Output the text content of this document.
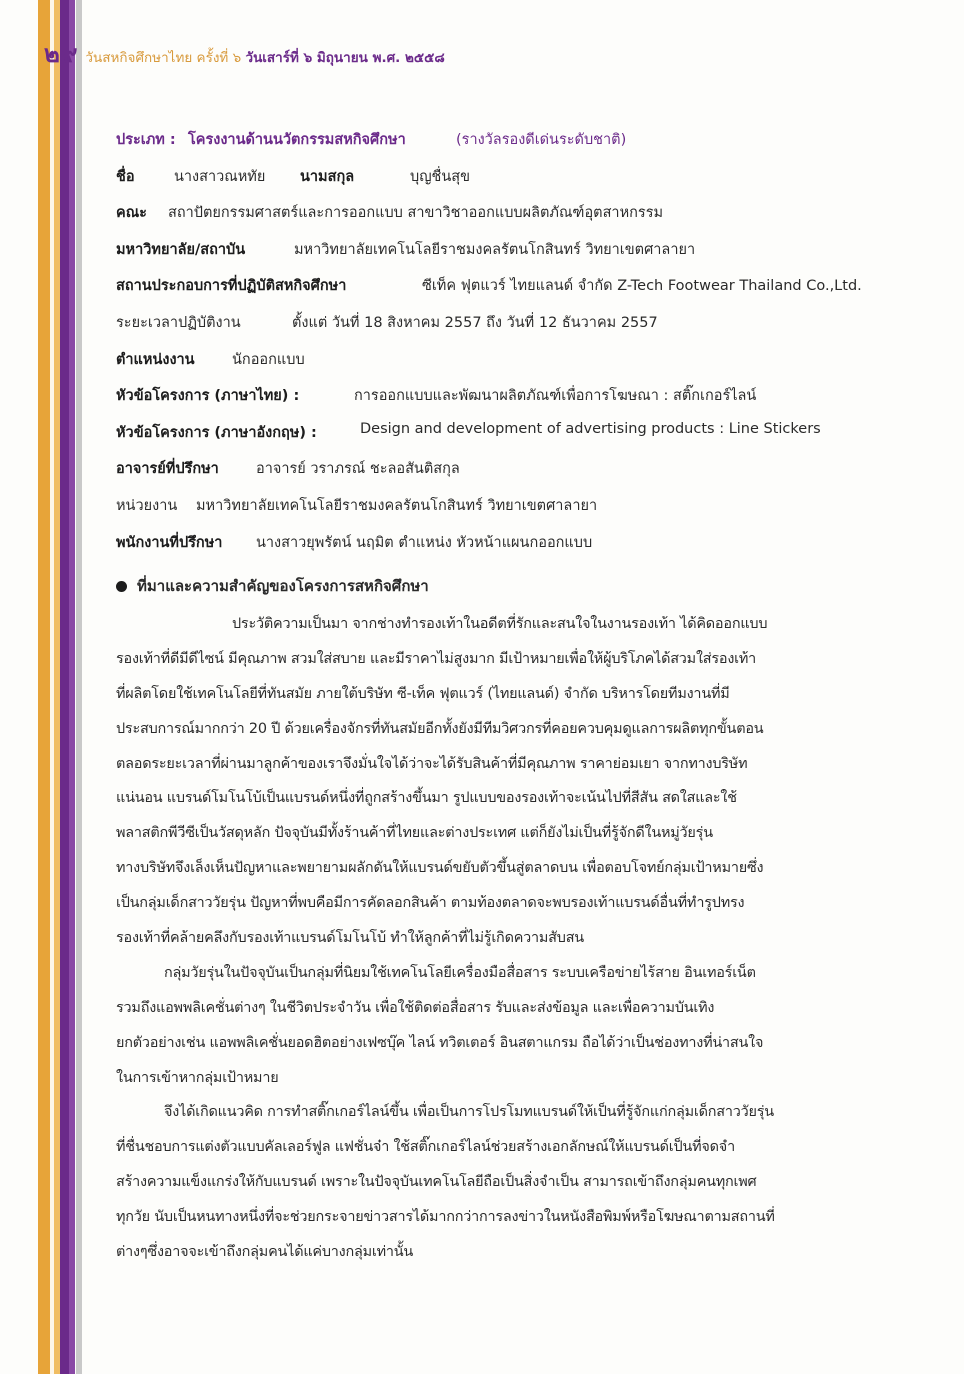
๒๙ วันสหกิจศึกษาไทย ครั้งที่ ๖ วันเสาร์ที่ ๖ มิถุนายน พ.ศ. ๒๕๕๘
ประเภท : โครงงานด้านนวัตกรรมสหกิจศึกษา	(รางวัลรองดีเด่นระดับชาติ)
ชื่อ	นางสาวณหทัย นามสกุล	บุญชื่นสุข
คณะ สถาปัตยกรรมศาสตร์และการออกแบบ สาขาวิชาออกแบบผลิตภัณฑ์อุตสาหกรรม
มหาวิทยาลัย/สถาบัน	มหาวิทยาลัยเทคโนโลยีราชมงคลรัตนโกสินทร์ วิทยาเขตศาลายา
สถานประกอบการที่ปฏิบัติสหกิจศึกษา	ซีเท็ค ฟุตแวร์ ไทยแลนด์ จำกัด Z-Tech Footwear Thailand Co.,Ltd.
ระยะเวลาปฏิบัติงาน	ตั้งแต่ วันที่ 18 สิงหาคม 2557 ถึง วันที่ 12 ธันวาคม 2557
ตำแหน่งงาน	นักออกแบบ
หัวข้อโครงการ (ภาษาไทย) :	การออกแบบและพัฒนาผลิตภัณฑ์เพื่อการโฆษณา : สติ๊กเกอร์ไลน์
หัวข้อโครงการ (ภาษาอังกฤษ) :	Design and development of advertising products : Line Stickers
อาจารย์ที่ปรึกษา	อาจารย์ วราภรณ์ ชะลอสันติสกุล
หน่วยงาน มหาวิทยาลัยเทคโนโลยีราชมงคลรัตนโกสินทร์ วิทยาเขตศาลายา
พนักงานที่ปรึกษา นางสาวยุพรัตน์ นฤมิต ตำแหน่ง หัวหน้าแผนกออกแบบ
ที่มาและความสำคัญของโครงการสหกิจศึกษา
ประวัติความเป็นมา จากช่างทำรองเท้าในอดีตที่รักและสนใจในงานรองเท้า ได้คิดออกแบบ
รองเท้าที่ดีมีดีไซน์ มีคุณภาพ สวมใส่สบาย และมีราคาไม่สูงมาก มีเป้าหมายเพื่อให้ผู้บริโภคได้สวมใส่รองเท้า
ที่ผลิตโดยใช้เทคโนโลยีที่ทันสมัย ภายใต้บริษัท ซี-เท็ค ฟุตแวร์ (ไทยแลนด์) จำกัด บริหารโดยทีมงานที่มี
ประสบการณ์มากกว่า 20 ปี ด้วยเครื่องจักรที่ทันสมัยอีกทั้งยังมีทีมวิศวกรที่คอยควบคุมดูแลการผลิตทุกขั้นตอน
ตลอดระยะเวลาที่ผ่านมาลูกค้าของเราจึงมั่นใจได้ว่าจะได้รับสินค้าที่มีคุณภาพ ราคาย่อมเยา จากทางบริษัท
แน่นอน แบรนด์โมโนโบ้เป็นแบรนด์หนึ่งที่ถูกสร้างขึ้นมา รูปแบบของรองเท้าจะเน้นไปที่สีสัน สดใสและใช้
พลาสติกพีวีซีเป็นวัสดุหลัก ปัจจุบันมีทั้งร้านค้าที่ไทยและต่างประเทศ แต่ก็ยังไม่เป็นที่รู้จักดีในหมู่วัยรุ่น
ทางบริษัทจึงเล็งเห็นปัญหาและพยายามผลักดันให้แบรนด์ขยับตัวขึ้นสู่ตลาดบน เพื่อตอบโจทย์กลุ่มเป้าหมายซึ่ง
เป็นกลุ่มเด็กสาววัยรุ่น ปัญหาที่พบคือมีการคัดลอกสินค้า ตามท้องตลาดจะพบรองเท้าแบรนด์อื่นที่ทำรูปทรง
รองเท้าที่คล้ายคลึงกับรองเท้าแบรนด์โมโนโบ้ ทำให้ลูกค้าที่ไม่รู้เกิดความสับสน
กลุ่มวัยรุ่นในปัจจุบันเป็นกลุ่มที่นิยมใช้เทคโนโลยีเครื่องมือสื่อสาร ระบบเครือข่ายไร้สาย อินเทอร์เน็ต
รวมถึงแอพพลิเคชั่นต่างๆ ในชีวิตประจำวัน เพื่อใช้ติดต่อสื่อสาร รับและส่งข้อมูล และเพื่อความบันเทิง
ยกตัวอย่างเช่น แอพพลิเคชั่นยอดฮิตอย่างเฟซบุ๊ค ไลน์ ทวิตเตอร์ อินสตาแกรม ถือได้ว่าเป็นช่องทางที่น่าสนใจ
ในการเข้าหากลุ่มเป้าหมาย
จึงได้เกิดแนวคิด การทำสติ๊กเกอร์ไลน์ขึ้น เพื่อเป็นการโปรโมทแบรนด์ให้เป็นที่รู้จักแก่กลุ่มเด็กสาววัยรุ่น
ที่ชื่นชอบการแต่งตัวแบบคัลเลอร์ฟูล แฟชั่นจ๋า ใช้สติ๊กเกอร์ไลน์ช่วยสร้างเอกลักษณ์ให้แบรนด์เป็นที่จดจำ
สร้างความแข็งแกร่งให้กับแบรนด์ เพราะในปัจจุบันเทคโนโลยีถือเป็นสิ่งจำเป็น สามารถเข้าถึงกลุ่มคนทุกเพศ
ทุกวัย นับเป็นหนทางหนึ่งที่จะช่วยกระจายข่าวสารได้มากกว่าการลงข่าวในหนังสือพิมพ์หรือโฆษณาตามสถานที่
ต่างๆซึ่งอาจจะเข้าถึงกลุ่มคนได้แค่บางกลุ่มเท่านั้น
